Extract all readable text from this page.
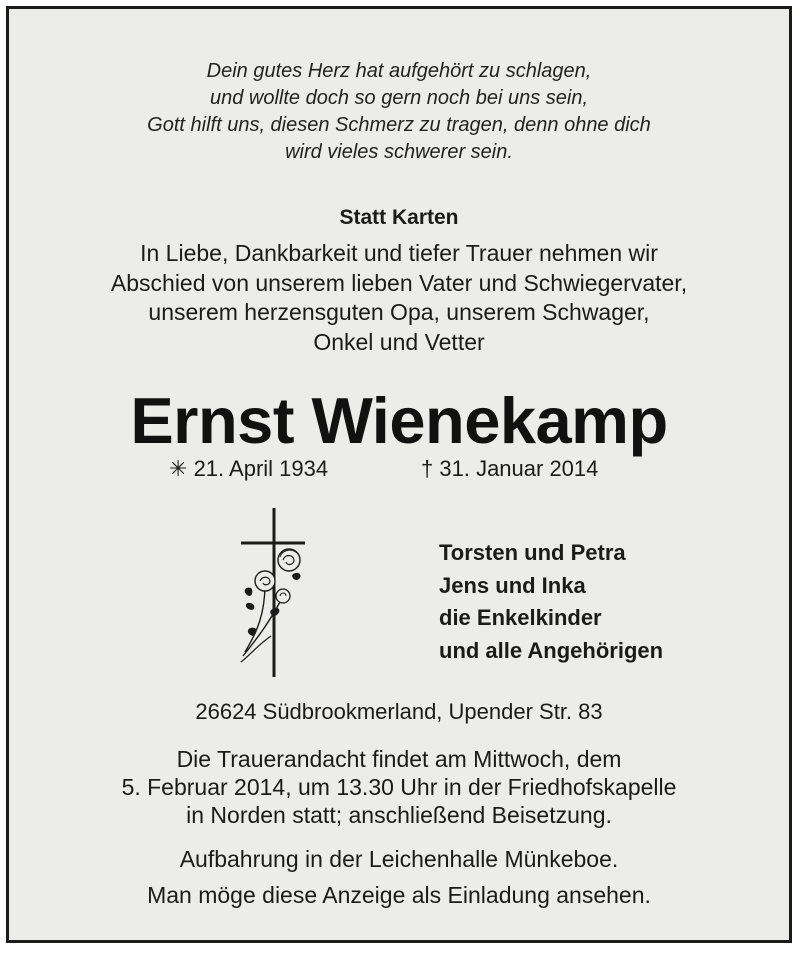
Dein gutes Herz hat aufgehört zu schlagen,
und wollte doch so gern noch bei uns sein,
Gott hilft uns, diesen Schmerz zu tragen, denn ohne dich
wird vieles schwerer sein.
Statt Karten
In Liebe, Dankbarkeit und tiefer Trauer nehmen wir
Abschied von unserem lieben Vater und Schwiegervater,
unserem herzensguten Opa, unserem Schwager,
Onkel und Vetter
Ernst Wienekamp
✳ 21. April 1934	† 31. Januar 2014
Torsten und Petra
Jens und Inka
die Enkelkinder
und alle Angehörigen
26624 Südbrookmerland, Upender Str. 83
Die Trauerandacht findet am Mittwoch, dem
5. Februar 2014, um 13.30 Uhr in der Friedhofskapelle
in Norden statt; anschließend Beisetzung.
Aufbahrung in der Leichenhalle Münkeboe.
Man möge diese Anzeige als Einladung ansehen.
